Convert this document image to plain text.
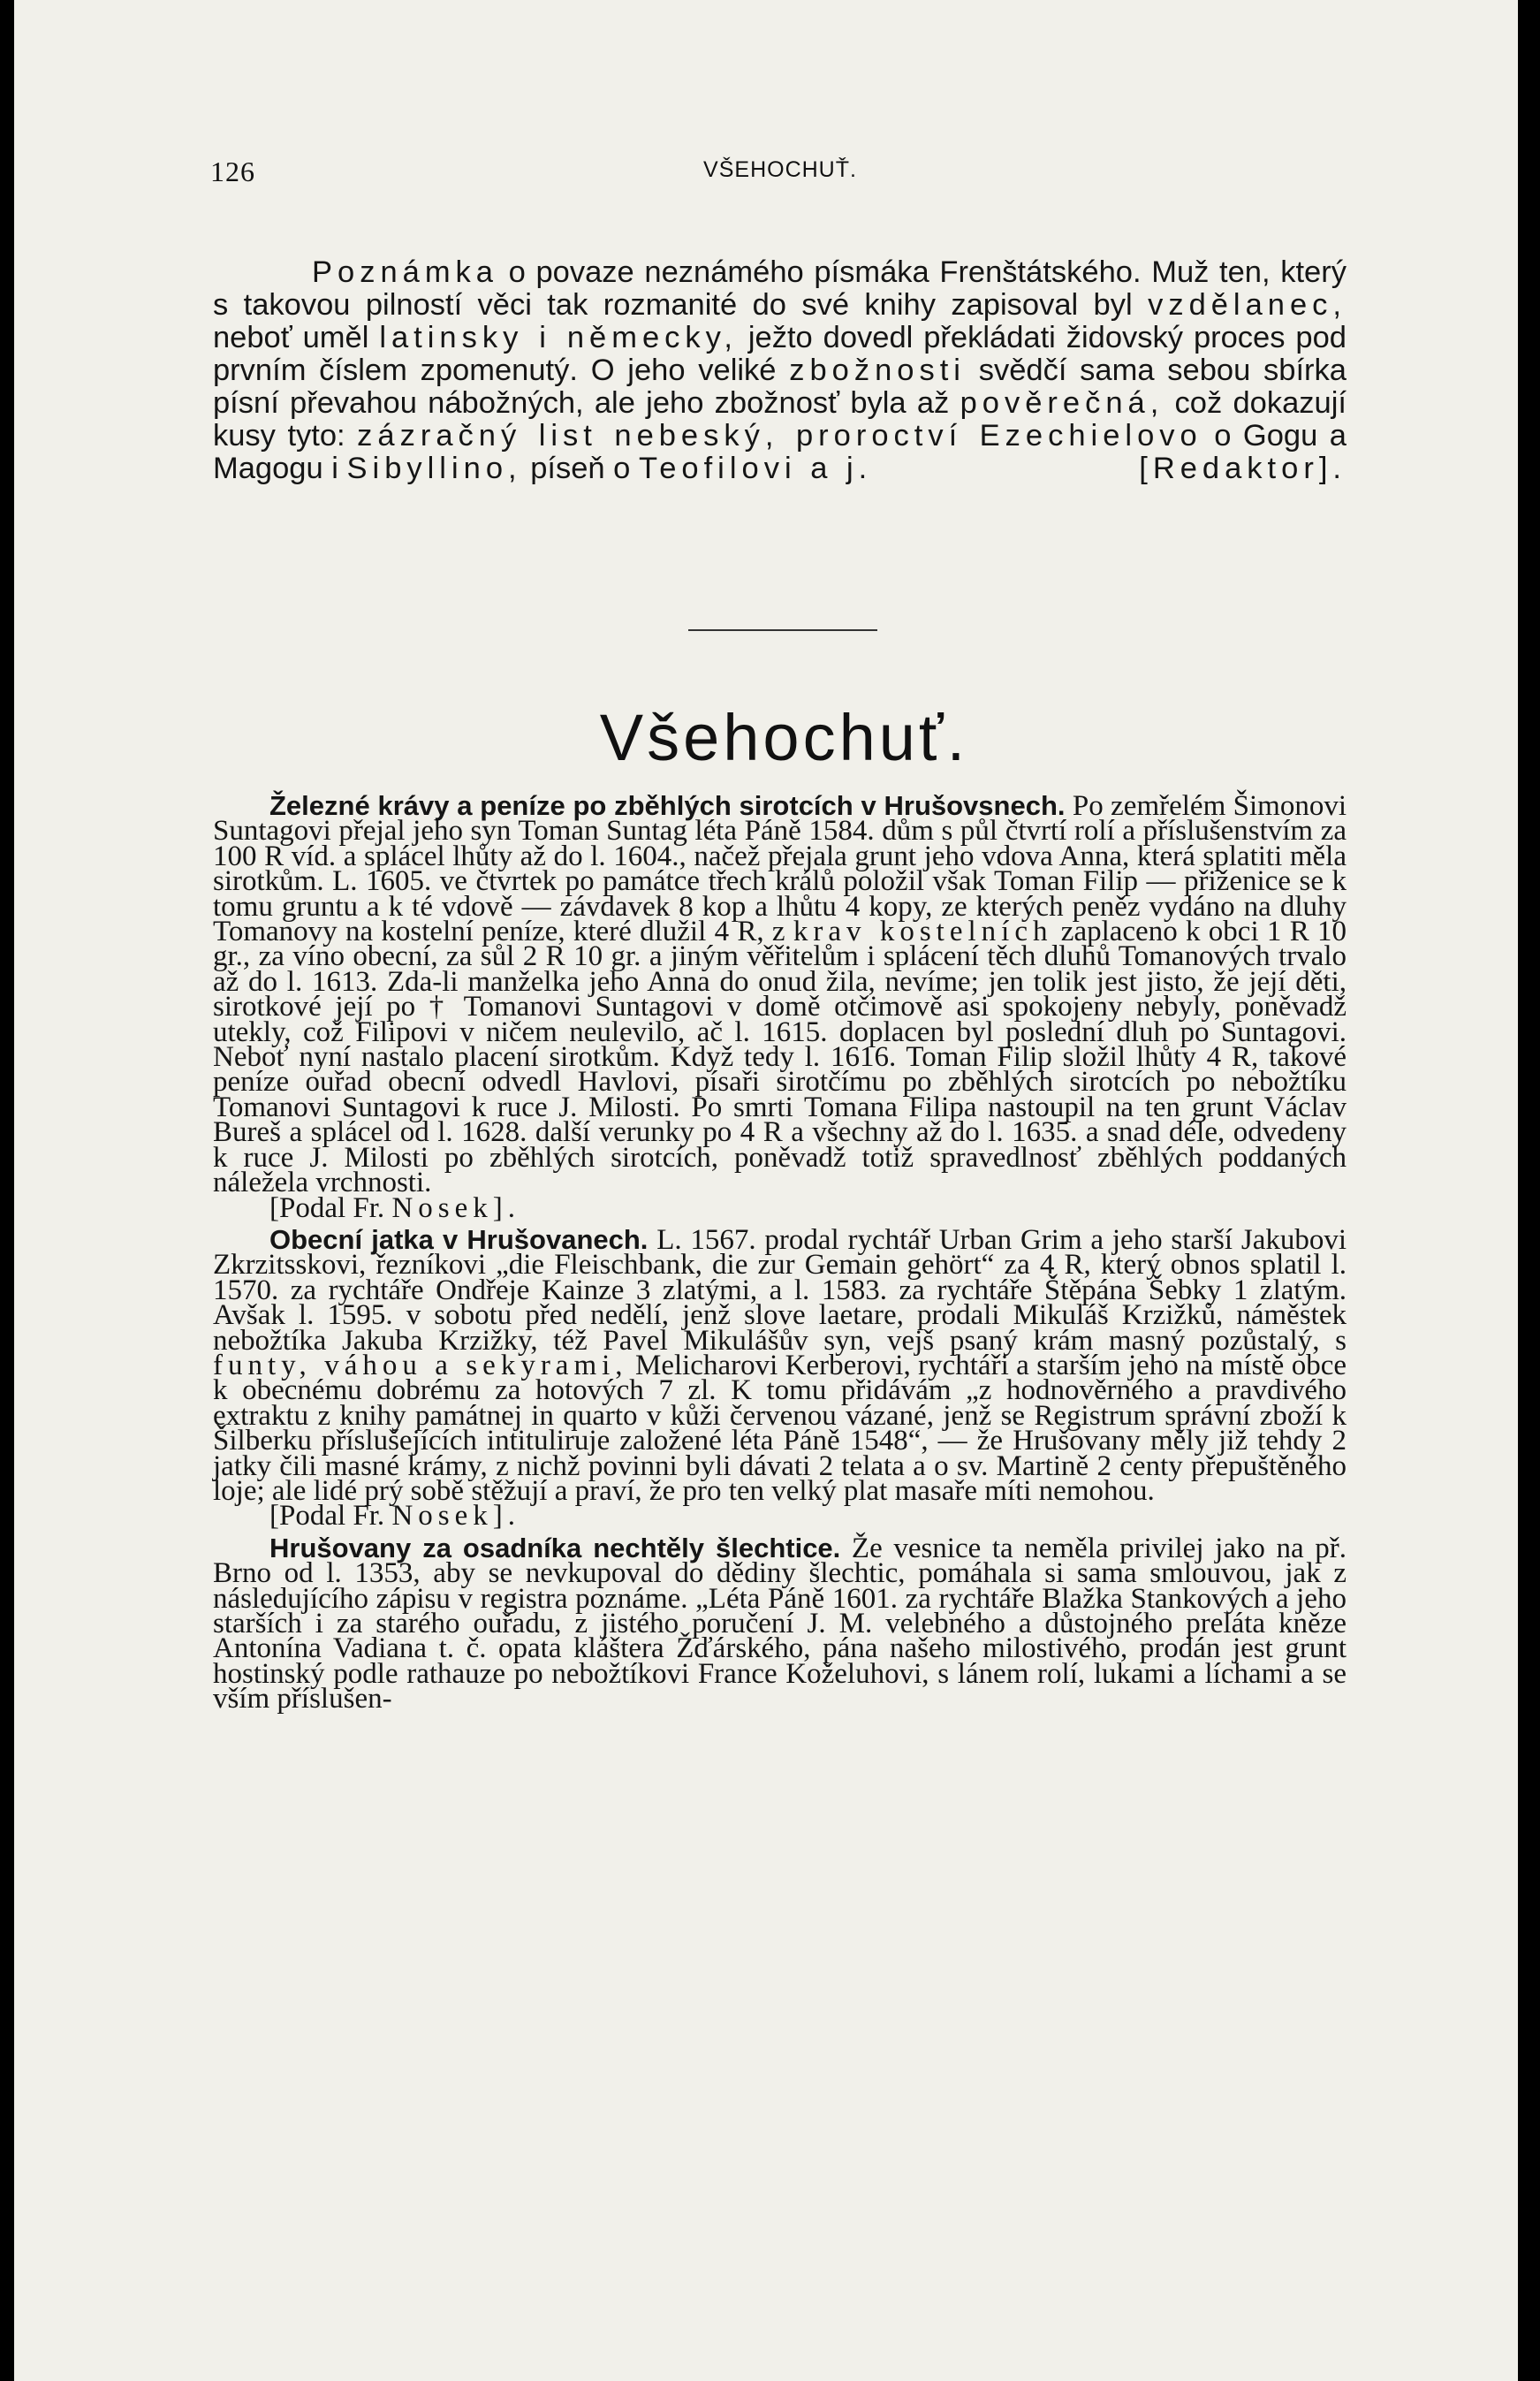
126	VŠEHOCHUŤ.

Poznámka o povaze neznámého písmáka Frenštátského. Muž ten, který s takovou pilností věci tak rozmanité do své knihy zapisoval byl vzdělanec, neboť uměl latinsky i německy, ježto dovedl překládati židovský proces pod prvním číslem zpomenutý. O jeho veliké zbožnosti svědčí sama sebou sbírka písní převahou nábožných, ale jeho zbožnosť byla až pověrečná, což dokazují kusy tyto: zázračný list nebeský, proroctví Ezechielovo o Gogu a Magogu i Sibyllino, píseň o Teofilovi a j.	[Redaktor].

Všehochuť.

Železné krávy a peníze po zběhlých sirotcích v Hrušovsnech. Po zemřelém Šimonovi Suntagovi přejal jeho syn Toman Suntag léta Páně 1584. dům s půl čtvrtí rolí a příslušenstvím za 100 R víd. a splácel lhůty až do l. 1604., načež přejala grunt jeho vdova Anna, která splatiti měla sirotkům. L. 1605. ve čtvrtek po památce třech králů položil však Toman Filip — přiženice se k tomu gruntu a k té vdově — závdavek 8 kop a lhůtu 4 kopy, ze kterých peněz vydáno na dluhy Tomanovy na kostelní peníze, které dlužil 4 R, z krav kostelních zaplaceno k obci 1 R 10 gr., za víno obecní, za sůl 2 R 10 gr. a jiným věřitelům i splácení těch dluhů Tomanových trvalo až do l. 1613. Zda-li manželka jeho Anna do onud žila, nevíme; jen tolik jest jisto, že její děti, sirotkové její po † Tomanovi Suntagovi v domě otčimově asi spokojeny nebyly, poněvadž utekly, což Filipovi v ničem neulevilo, ač l. 1615. doplacen byl poslední dluh po Suntagovi. Neboť nyní nastalo placení sirotkům. Když tedy l. 1616. Toman Filip složil lhůty 4 R, takové peníze ouřad obecní odvedl Havlovi, písaři sirotčímu po zběhlých sirotcích po nebožtíku Tomanovi Suntagovi k ruce J. Milosti. Po smrti Tomana Filipa nastoupil na ten grunt Václav Bureš a splácel od l. 1628. další verunky po 4 R a všechny až do l. 1635. a snad déle, odvedeny k ruce J. Milosti po zběhlých sirotcích, poněvadž totiž spravedlnosť zběhlých poddaných náležela vrchnosti.

[Podal Fr. Nosek].

Obecní jatka v Hrušovanech. L. 1567. prodal rychtář Urban Grim a jeho starší Jakubovi Zkrzitsskovi, řezníkovi „die Fleischbank, die zur Gemain gehört“ za 4 R, který obnos splatil l. 1570. za rychtáře Ondřeje Kainze 3 zlatými, a l. 1583. za rychtáře Štěpána Šebky 1 zlatým. Avšak l. 1595. v sobotu před nedělí, jenž slove laetare, prodali Mikuláš Krzižků, náměstek nebožtíka Jakuba Krzižky, též Pavel Mikulášův syn, vejš psaný krám masný pozůstalý, s funty, váhou a sekyrami, Melicharovi Kerberovi, rychtáři a starším jeho na místě obce k obecnému dobrému za hotových 7 zl. K tomu přidávám „z hodnověrného a pravdivého extraktu z knihy památnej in quarto v kůži červenou vázané, jenž se Registrum správní zboží k Šilberku příslušejících intituliruje založené léta Páně 1548“, — že Hrušovany měly již tehdy 2 jatky čili masné krámy, z nichž povinni byli dávati 2 telata a o sv. Martině 2 centy přepuštěného loje; ale lidé prý sobě stěžují a praví, že pro ten velký plat masaře míti nemohou.

[Podal Fr. Nosek].

Hrušovany za osadníka nechtěly šlechtice. Že vesnice ta neměla privilej jako na př. Brno od l. 1353, aby se nevkupoval do dědiny šlechtic, pomáhala si sama smlouvou, jak z následujícího zápisu v registra poznáme. „Léta Páně 1601. za rychtáře Blažka Stankových a jeho starších i za starého ouřadu, z jistého poručení J. M. velebného a důstojného preláta kněze Antonína Vadiana t. č. opata kláštera Žďárského, pána našeho milostivého, prodán jest grunt hostinský podle rathauze po nebožtíkovi France Koželuhovi, s lánem rolí, lukami a líchami a se vším příslušen-
